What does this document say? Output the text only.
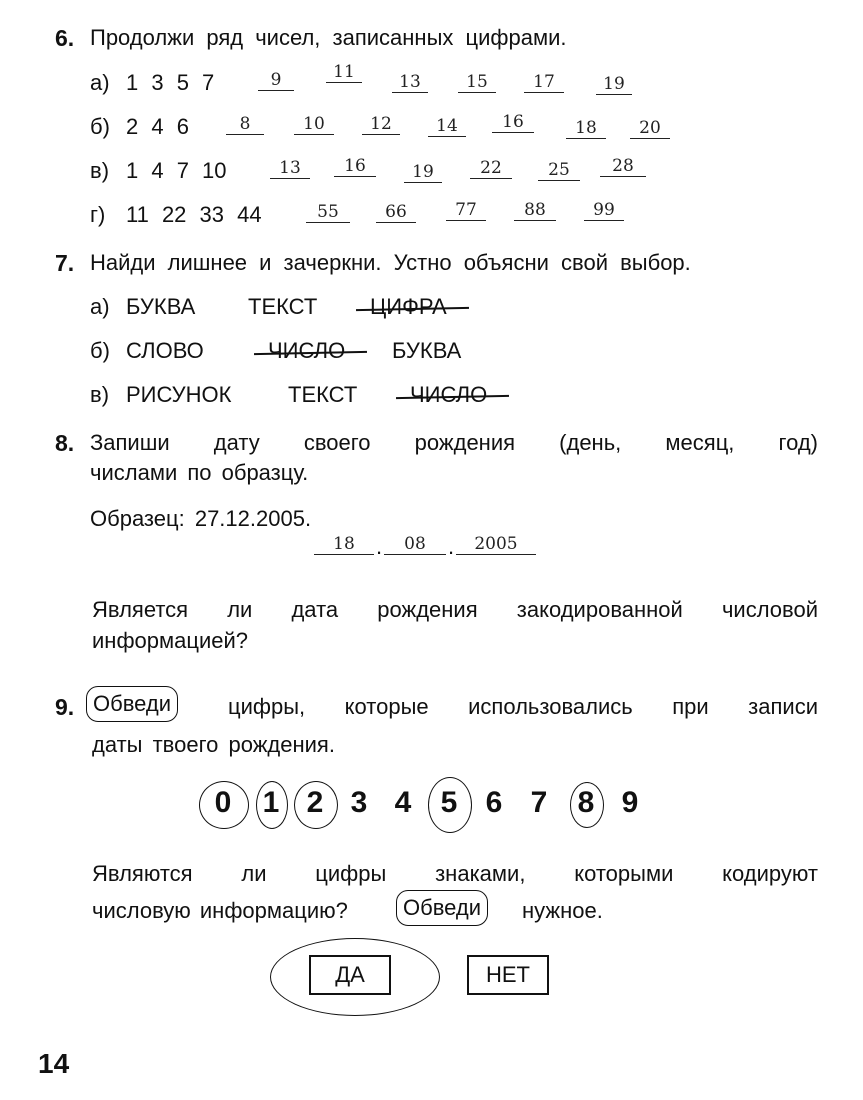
6. Продолжи ряд чисел, записанных цифрами.
а) 1 3 5 7	9	11	13	15	17	19
б) 2 4 6	8	10	12	14	16	18	20
в) 1 4 7 10	13	16	19	22	25	28
г) 11 22 33 44	55	66	77	88	99
7. Найди лишнее и зачеркни. Устно объясни свой выбор.
а) БУКВА ТЕКСТ ЦИФРА
б) СЛОВО	ЧИСЛО БУКВА
в) РИСУНОК	ТЕКСТ ЧИСЛО
8. Запиши дату своего рождения (день, месяц, год)
числами по образцу.
Образец: 27.12.2005.
18 .	08	.	2005
Является ли дата рождения закодированной числовой
информацией?
9. Обведи	цифры, которые использовались при записи
даты твоего рождения.
0 1 2 3 4 5 6 7 8 9
Являются ли цифры знаками, которыми кодируют
числовую информацию?	Обведи	нужное.
ДА	НЕТ
14
